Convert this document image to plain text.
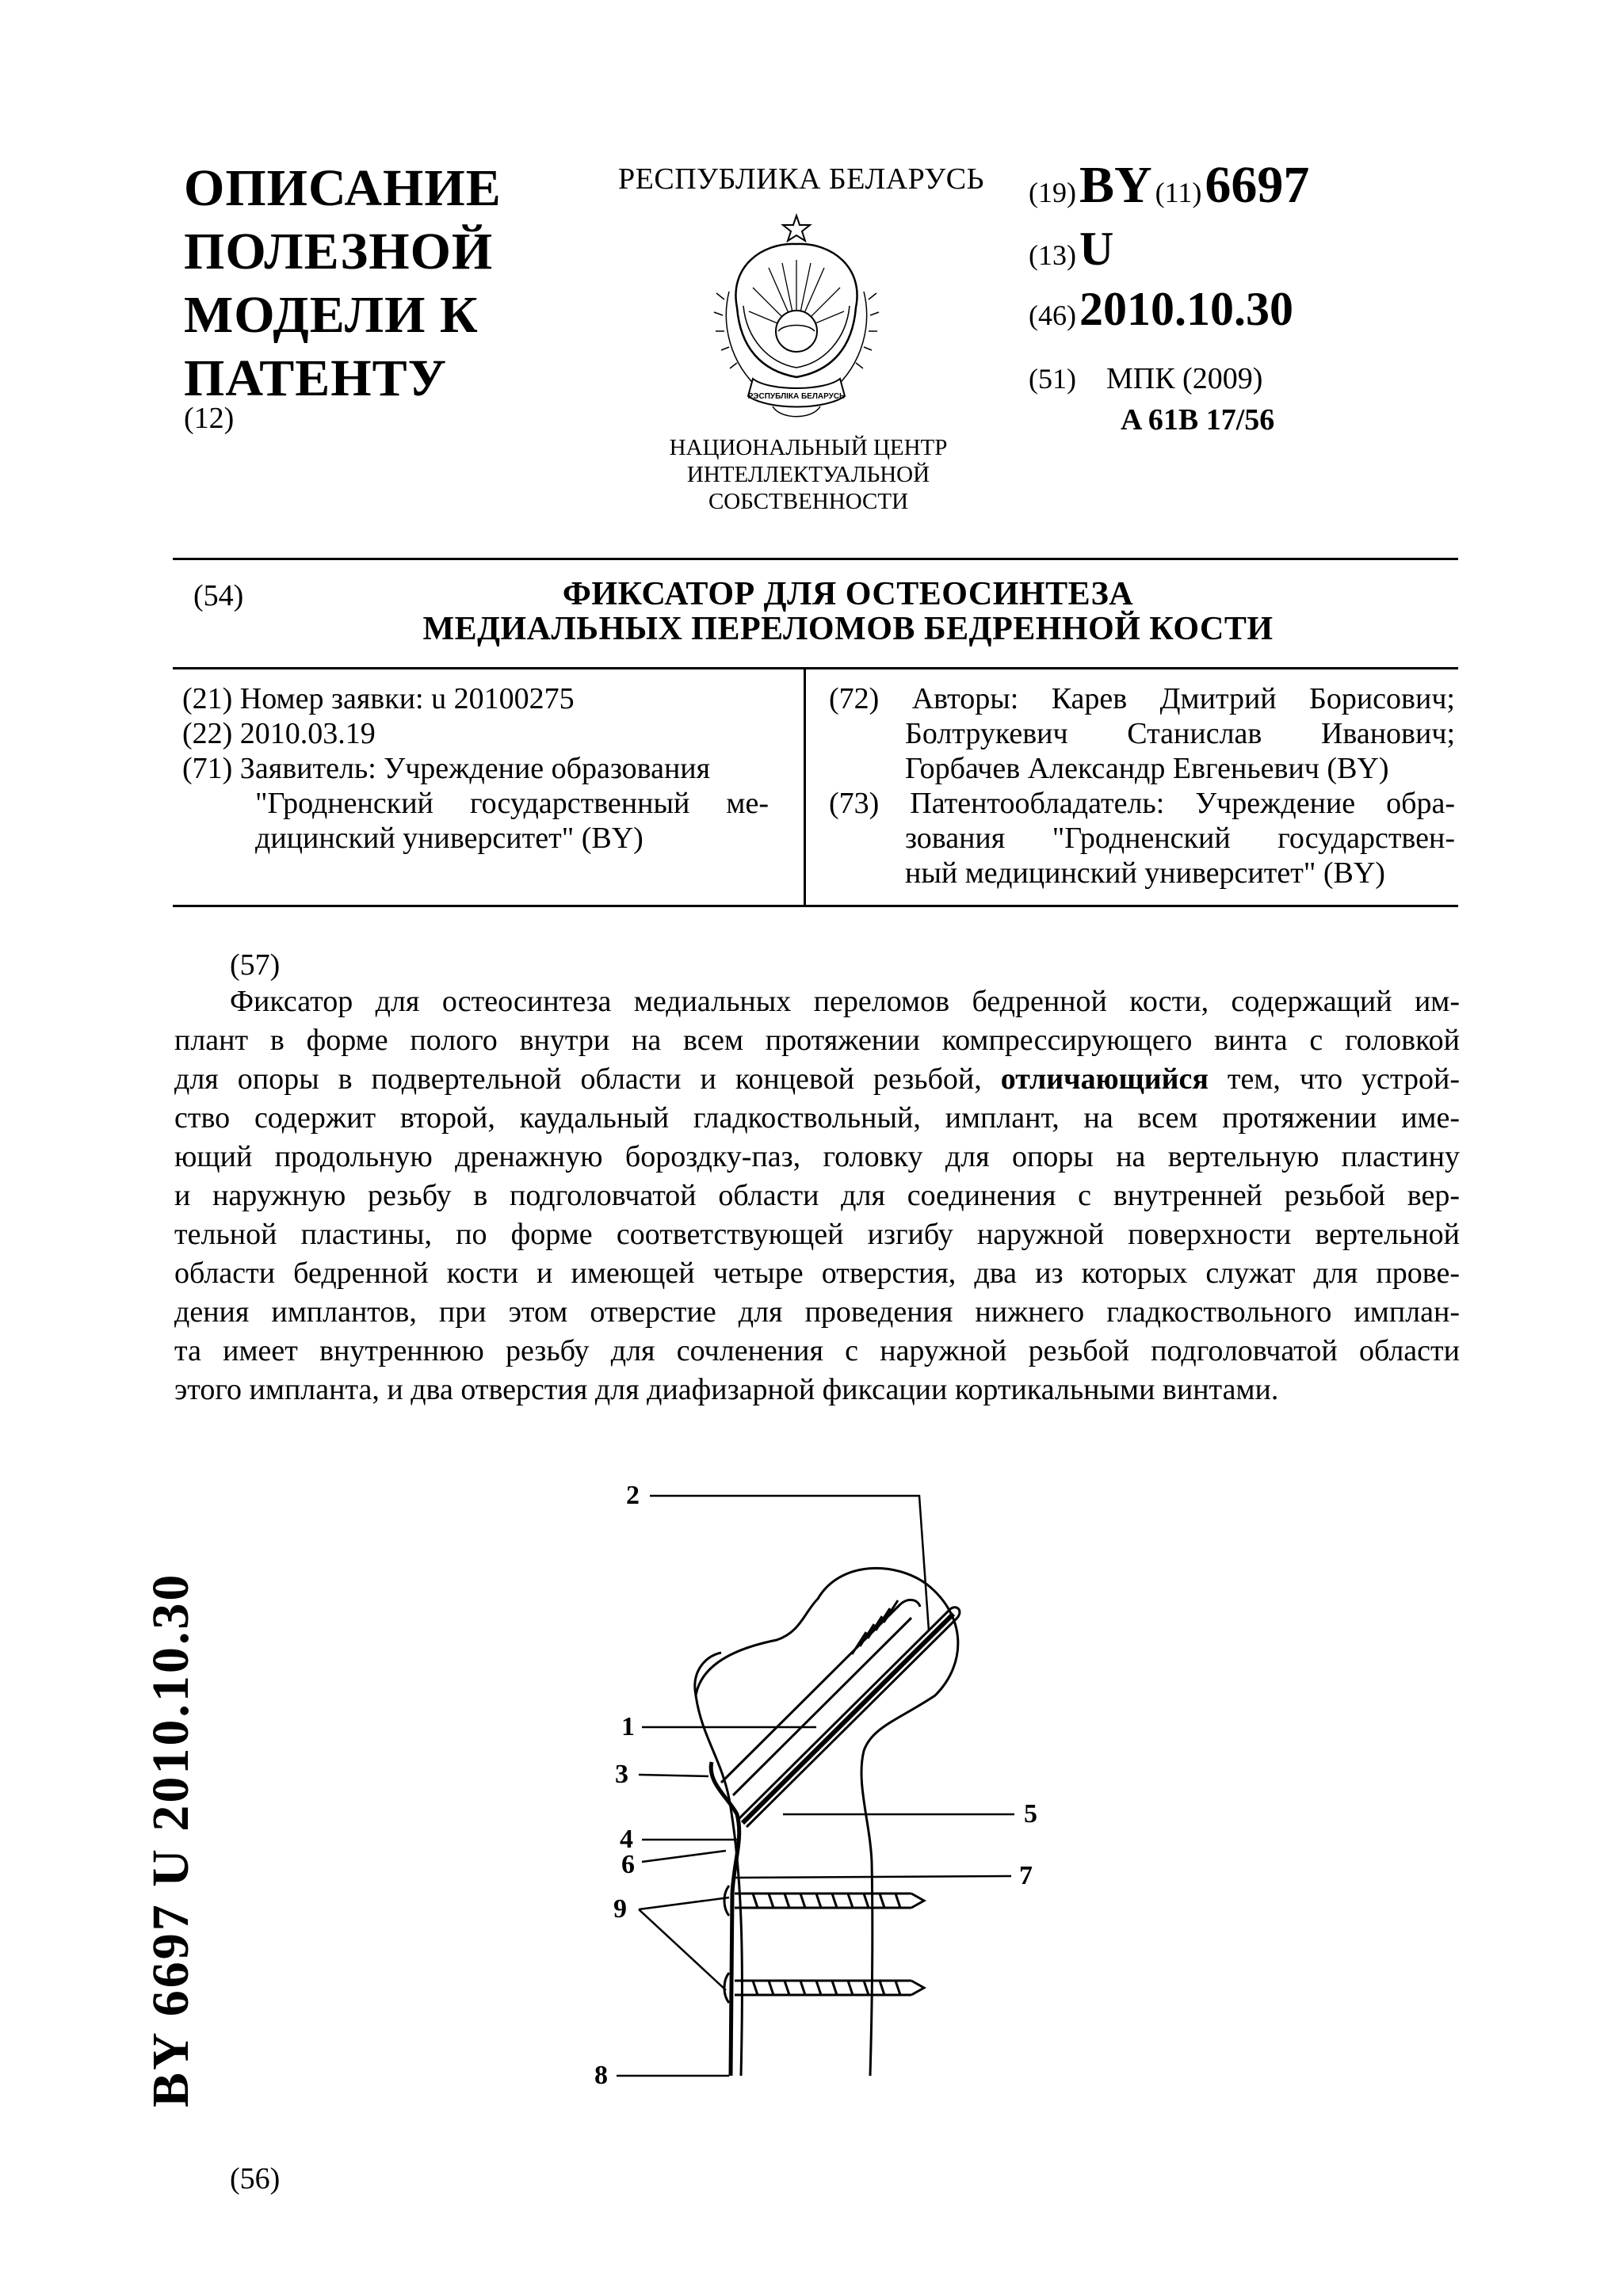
ОПИСАНИЕ
ПОЛЕЗНОЙ
МОДЕЛИ К
ПАТЕНТУ
(12)
РЕСПУБЛИКА БЕЛАРУСЬ
РЭСПУБЛІКА БЕЛАРУСЬ
НАЦИОНАЛЬНЫЙ ЦЕНТР
ИНТЕЛЛЕКТУАЛЬНОЙ
СОБСТВЕННОСТИ
(19) BY (11) 6697
(13) U
(46) 2010.10.30
(51) МПК (2009)
A 61B 17/56
(54)	ФИКСАТОР ДЛЯ ОСТЕОСИНТЕЗА
МЕДИАЛЬНЫХ ПЕРЕЛОМОВ БЕДРЕННОЙ КОСТИ
(21) Номер заявки: u 20100275
(22) 2010.03.19
(71) Заявитель: Учреждение образования
"Гродненский государственный ме-
дицинский университет" (BY)
(72) Авторы: Карев Дмитрий Борисович;
Болтрукевич Станислав Иванович;
Горбачев Александр Евгеньевич (BY)
(73) Патентообладатель: Учреждение обра-
зования "Гродненский государствен-
ный медицинский университет" (BY)
(57)
Фиксатор для остеосинтеза медиальных переломов бедренной кости, содержащий им-
плант в форме полого внутри на всем протяжении компрессирующего винта с головкой
для опоры в подвертельной области и концевой резьбой, отличающийся тем, что устрой-
ство содержит второй, каудальный гладкоствольный, имплант, на всем протяжении име-
ющий продольную дренажную бороздку-паз, головку для опоры на вертельную пластину
и наружную резьбу в подголовчатой области для соединения с внутренней резьбой вер-
тельной пластины, по форме соответствующей изгибу наружной поверхности вертельной
области бедренной кости и имеющей четыре отверстия, два из которых служат для прове-
дения имплантов, при этом отверстие для проведения нижнего гладкоствольного имплан-
та имеет внутреннюю резьбу для сочленения с наружной резьбой подголовчатой области
этого импланта, и два отверстия для диафизарной фиксации кортикальными винтами.
2
1
3
5
4
6	7
9
8
(56)
BY 6697 U 2010.10.30
